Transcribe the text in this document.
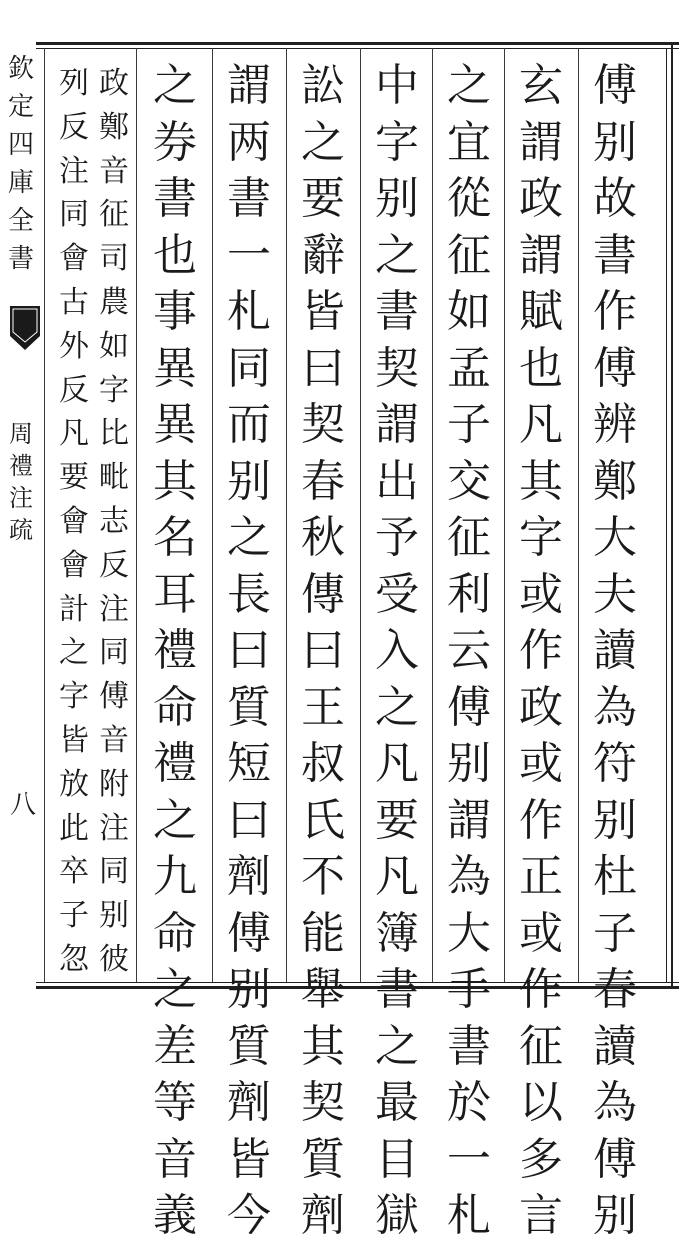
欽
定
四
庫
全
書
周
禮
注
疏
八
傅
别
故
書
作
傅
辨
鄭
大
夫
讀
為
符
别
杜
子
春
讀
為
傅
别
玄
謂
政
謂
賦
也
凡
其
字
或
作
政
或
作
正
或
作
征
以
多
言
之
宜
從
征
如
孟
子
交
征
利
云
傅
别
謂
為
大
手
書
於
一
札
中
字
别
之
書
契
謂
出
予
受
入
之
凡
要
凡
簿
書
之
最
目
獄
訟
之
要
辭
皆
曰
契
春
秋
傳
曰
王
叔
氏
不
能
舉
其
契
質
劑
謂
两
書
一
札
同
而
别
之
長
曰
質
短
曰
劑
傅
别
質
劑
皆
今
之
券
書
也
事
異
異
其
名
耳
禮
命
禮
之
九
命
之
差
等
音
義
政
鄭
音
征
司
農
如
字
比
毗
志
反
注
同
傅
音
附
注
同
别
彼
列
反
注
同
會
古
外
反
凡
要
會
會
計
之
字
皆
放
此
卒
子
忽
